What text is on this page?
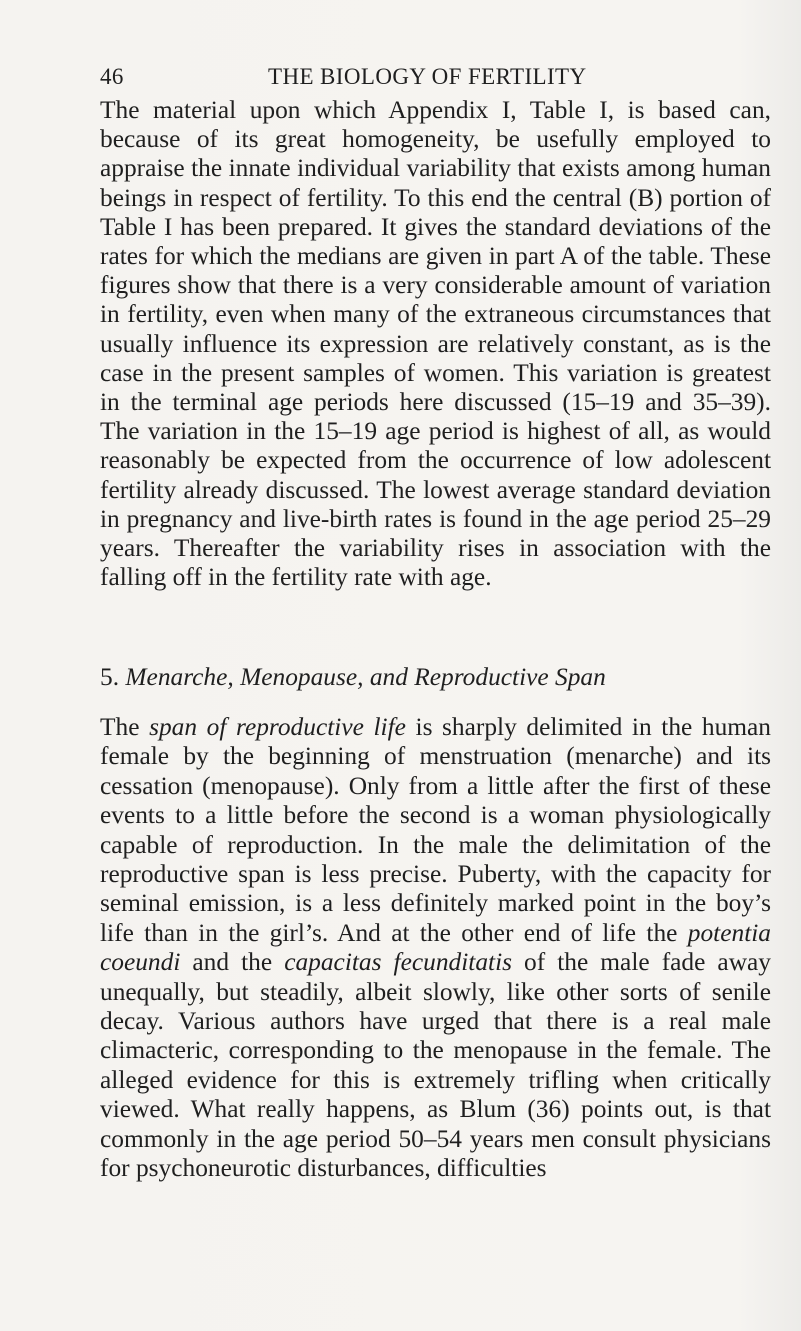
46	THE BIOLOGY OF FERTILITY

The material upon which Appendix I, Table I, is based can, because of its great homogeneity, be usefully employed to appraise the innate individual variability that exists among human beings in respect of fertility. To this end the central (B) portion of Table I has been prepared. It gives the standard deviations of the rates for which the medians are given in part A of the table. These figures show that there is a very considerable amount of variation in fertility, even when many of the extraneous circumstances that usually influence its expression are relatively constant, as is the case in the present samples of women. This variation is greatest in the terminal age periods here discussed (15–19 and 35–39). The variation in the 15–19 age period is highest of all, as would reasonably be expected from the occurrence of low adolescent fertility already discussed. The lowest average standard deviation in pregnancy and live-birth rates is found in the age period 25–29 years. Thereafter the variability rises in association with the falling off in the fertility rate with age.

5. Menarche, Menopause, and Reproductive Span
The span of reproductive life is sharply delimited in the human female by the beginning of menstruation (menarche) and its cessation (menopause). Only from a little after the first of these events to a little before the second is a woman physiologically capable of reproduction. In the male the delimitation of the reproductive span is less precise. Puberty, with the capacity for seminal emission, is a less definitely marked point in the boy’s life than in the girl’s. And at the other end of life the potentia coeundi and the capacitas fecunditatis of the male fade away unequally, but steadily, albeit slowly, like other sorts of senile decay. Various authors have urged that there is a real male climacteric, corresponding to the menopause in the female. The alleged evidence for this is extremely trifling when critically viewed. What really happens, as Blum (36) points out, is that commonly in the age period 50–54 years men consult physicians for psychoneurotic disturbances, difficulties
